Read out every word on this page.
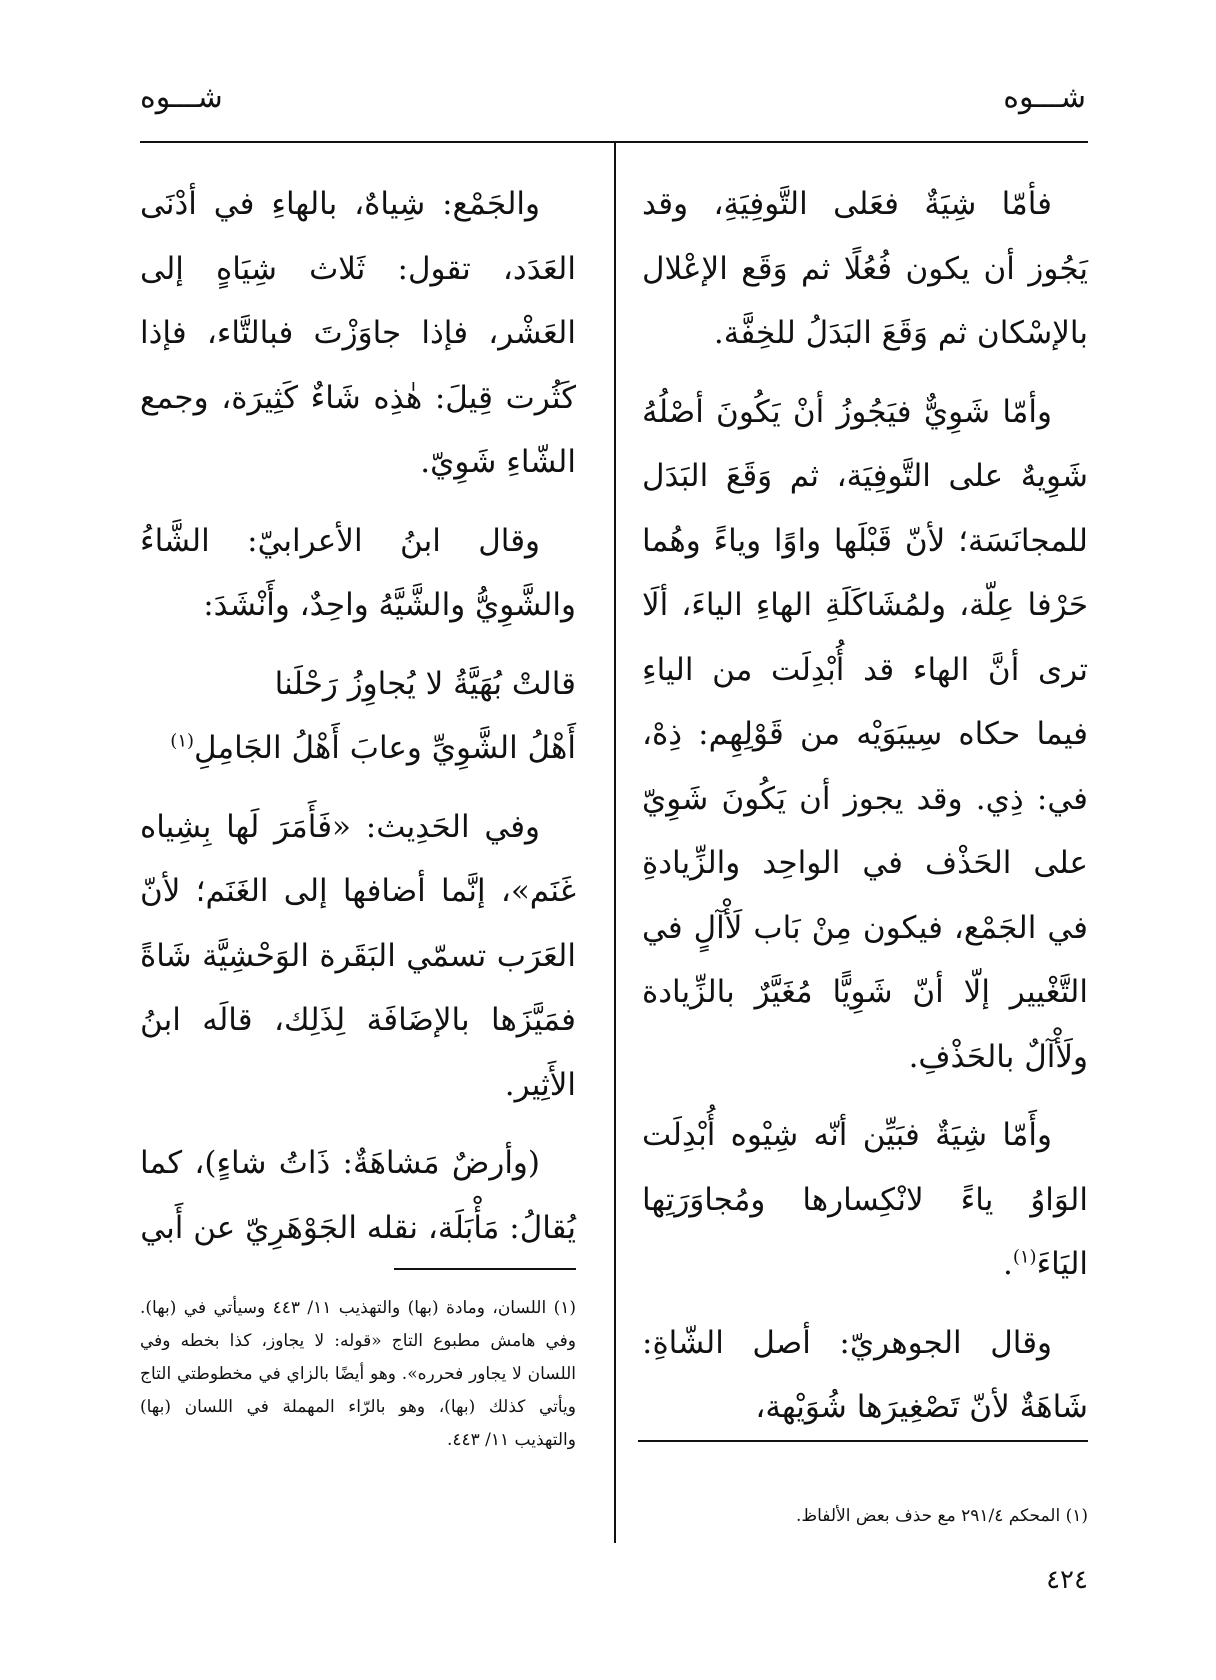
شـــوه
شـــوه

فأمّا شِيَةٌ فعَلى التَّوفِيَةِ، وقد يَجُوز أن يكون فُعُلًا ثم وَقَع الإعْلال بالإسْكان ثم وَقَعَ البَدَلُ للخِفَّة.

وأمّا شَوِيٌّ فيَجُوزُ أنْ يَكُونَ أصْلُهُ شَوِيهٌ على التَّوفِيَة، ثم وَقَعَ البَدَل للمجانَسَة؛ لأنّ قَبْلَها واوًا وياءً وهُما حَرْفا عِلّة، ولمُشَاكَلَةِ الهاءِ الياءَ، ألَا ترى أنَّ الهاء قد أُبْدِلَت من الياءِ فيما حكاه سِيبَوَيْه من قَوْلِهِم: ذِهْ، في: ذِي. وقد يجوز أن يَكُونَ شَوِيّ على الحَذْف في الواحِد والزِّيادةِ في الجَمْع، فيكون مِنْ بَاب لَأْآلٍ في التَّغْيير إلّا أنّ شَوِيًّا مُغَيَّرٌ بالزِّيادة ولَأْآلٌ بالحَذْفِ.

وأَمّا شِيَةٌ فبَيِّن أنّه شِيْوه أُبْدِلَت الوَاوُ ياءً لانْكِسارها ومُجاوَرَتِها اليَاءَ$^{(١)}$.

وقال الجوهريّ: أصل الشّاةِ: شَاهَةٌ لأنّ تَصْغِيرَها شُوَيْهة،

والجَمْع: شِياهٌ، بالهاءِ في أدْنَى العَدَد، تقول: ثَلاث شِيَاهٍ إلى العَشْر، فإذا جاوَزْتَ فبالتَّاء، فإذا كَثُرت قِيلَ: هٰذِه شَاءٌ كَثِيرَة، وجمع الشّاءِ شَوِيّ.

وقال ابنُ الأعرابيّ: الشَّاءُ والشَّوِيُّ والشَّيَّهُ واحِدٌ، وأَنْشَدَ:

قالتْ بُهَيَّةُ لا يُجاوِزُ رَحْلَنا

أَهْلُ الشَّوِيِّ وعابَ أَهْلُ الجَامِلِ$^{(١)}$

وفي الحَدِيث: «فَأَمَرَ لَها بِشِياه غَنَم»، إنَّما أضافها إلى الغَنَم؛ لأنّ العَرَب تسمّي البَقَرة الوَحْشِيَّة شَاةً فمَيَّزَها بالإضَافَة لِذَلِك، قالَه ابنُ الأَثِير.

(وأرضٌ مَشاهَةٌ: ذَاتُ شاءٍ)، كما يُقالُ: مَأْبَلَة، نقله الجَوْهَرِيّ عن أَبي

(١) المحكم ٢٩١/٤ مع حذف بعض الألفاظ.
(١) اللسان، ومادة (بها) والتهذيب ١١/ ٤٤٣ وسيأتي في (بها). وفي هامش مطبوع التاج «قوله: لا يجاوز، كذا بخطه وفي اللسان لا يجاور فحرره». وهو أيضًا بالزاي في مخطوطتي التاج ويأتي كذلك (بها)، وهو بالرّاء المهملة في اللسان (بها) والتهذيب ١١/ ٤٤٣.
٤٢٤
